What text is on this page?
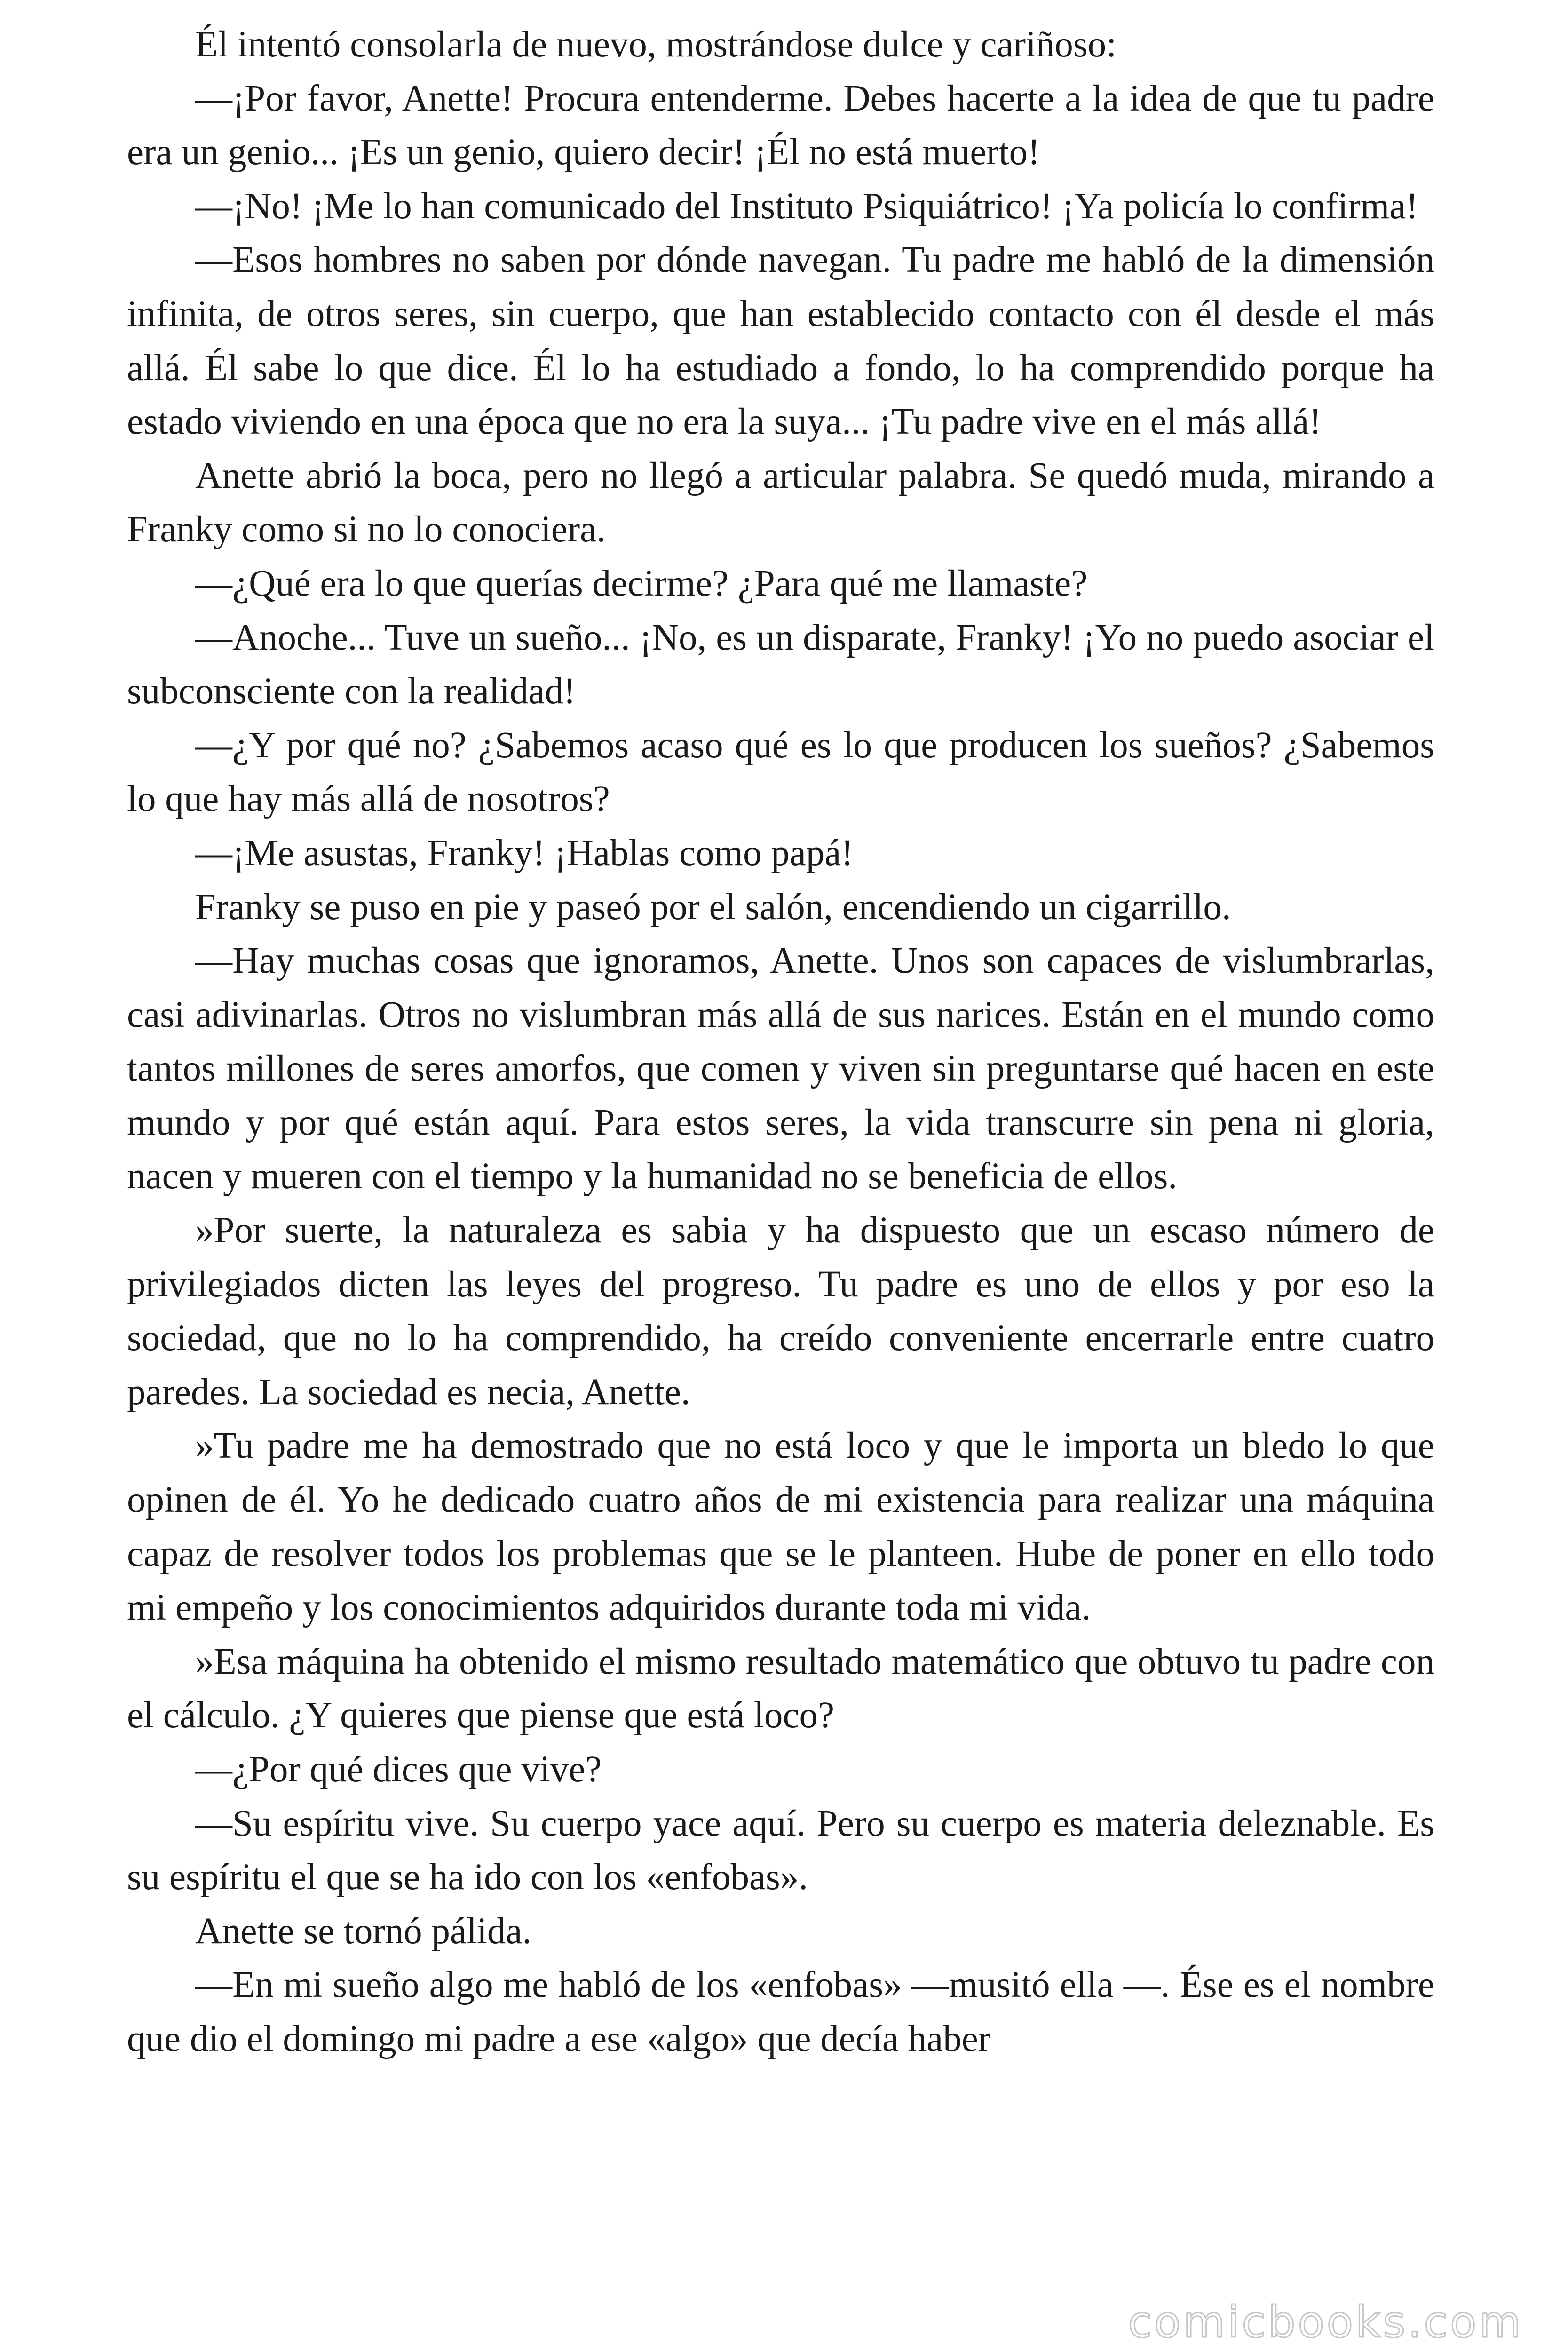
Él intentó consolarla de nuevo, mostrándose dulce y cariñoso:

—¡Por favor, Anette! Procura entenderme. Debes hacerte a la idea de que tu padre era un genio... ¡Es un genio, quiero decir! ¡Él no está muerto!

—¡No! ¡Me lo han comunicado del Instituto Psiquiátrico! ¡Ya policía lo confirma!

—Esos hombres no saben por dónde navegan. Tu padre me habló de la dimensión infinita, de otros seres, sin cuerpo, que han establecido contacto con él desde el más allá. Él sabe lo que dice. Él lo ha estudiado a fondo, lo ha comprendido porque ha estado viviendo en una época que no era la suya... ¡Tu padre vive en el más allá!

Anette abrió la boca, pero no llegó a articular palabra. Se quedó muda, mirando a Franky como si no lo conociera.

—¿Qué era lo que querías decirme? ¿Para qué me llamaste?

—Anoche... Tuve un sueño... ¡No, es un disparate, Franky! ¡Yo no puedo asociar el subconsciente con la realidad!

—¿Y por qué no? ¿Sabemos acaso qué es lo que producen los sueños? ¿Sabemos lo que hay más allá de nosotros?

—¡Me asustas, Franky! ¡Hablas como papá!

Franky se puso en pie y paseó por el salón, encendiendo un cigarrillo.

—Hay muchas cosas que ignoramos, Anette. Unos son capaces de vislumbrarlas, casi adivinarlas. Otros no vislumbran más allá de sus narices. Están en el mundo como tantos millones de seres amorfos, que comen y viven sin preguntarse qué hacen en este mundo y por qué están aquí. Para estos seres, la vida transcurre sin pena ni gloria, nacen y mueren con el tiempo y la humanidad no se beneficia de ellos.

»Por suerte, la naturaleza es sabia y ha dispuesto que un escaso número de privilegiados dicten las leyes del progreso. Tu padre es uno de ellos y por eso la sociedad, que no lo ha comprendido, ha creído conveniente encerrarle entre cuatro paredes. La sociedad es necia, Anette.

»Tu padre me ha demostrado que no está loco y que le importa un bledo lo que opinen de él. Yo he dedicado cuatro años de mi existencia para realizar una máquina capaz de resolver todos los problemas que se le planteen. Hube de poner en ello todo mi empeño y los conocimientos adquiridos durante toda mi vida.

»Esa máquina ha obtenido el mismo resultado matemático que obtuvo tu padre con el cálculo. ¿Y quieres que piense que está loco?

—¿Por qué dices que vive?

—Su espíritu vive. Su cuerpo yace aquí. Pero su cuerpo es materia deleznable. Es su espíritu el que se ha ido con los «enfobas».

Anette se tornó pálida.

—En mi sueño algo me habló de los «enfobas» —musitó ella —. Ése es el nombre que dio el domingo mi padre a ese «algo» que decía haber

comicbooks.com
